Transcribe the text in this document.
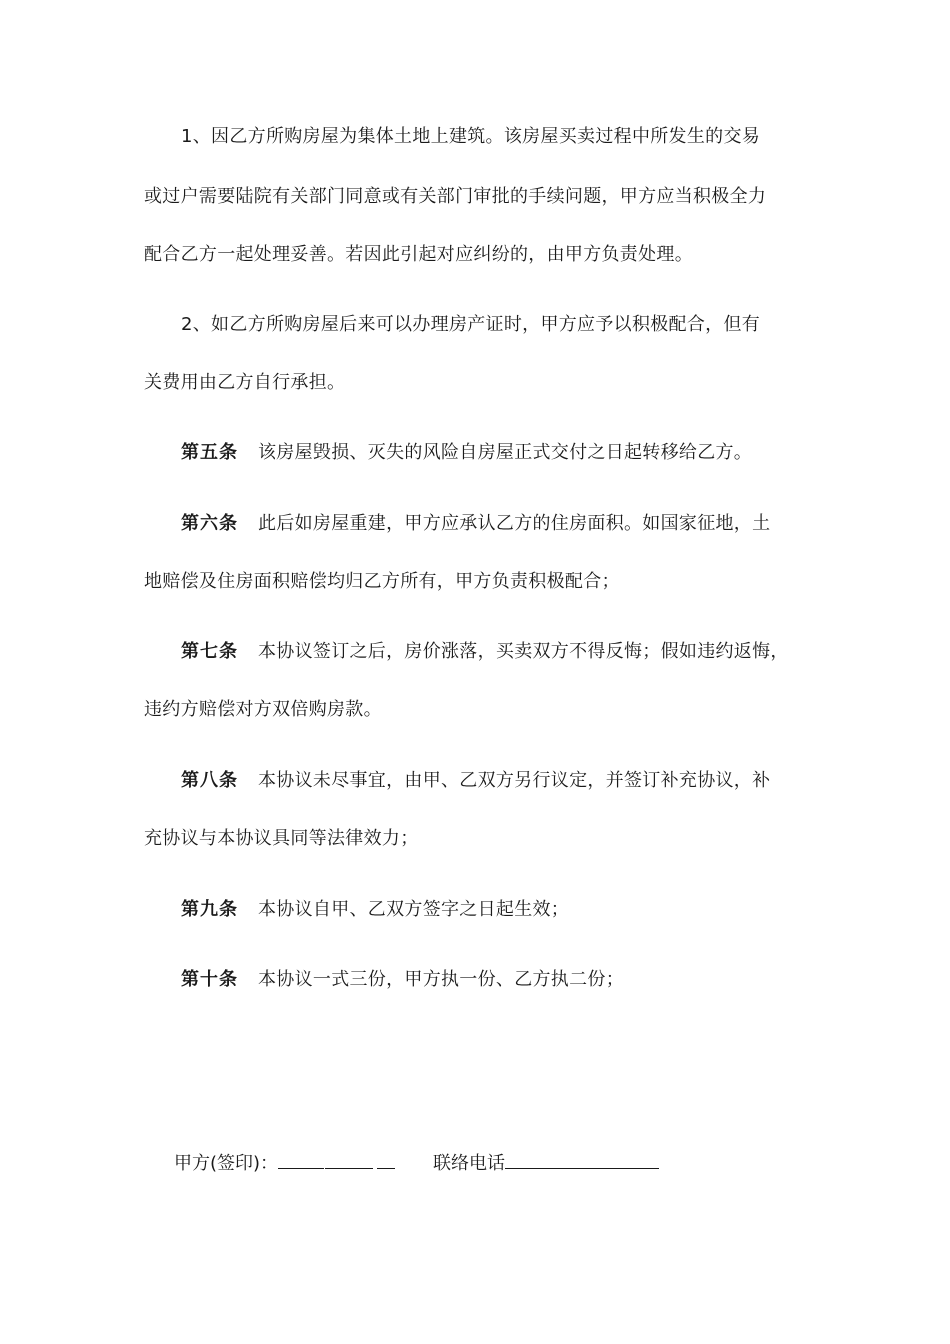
1、因乙方所购房屋为集体土地上建筑。该房屋买卖过程中所发生的交易
或过户需要陆院有关部门同意或有关部门审批的手续问题，甲方应当积极全力
配合乙方一起处理妥善。若因此引起对应纠纷的，由甲方负责处理。
2、如乙方所购房屋后来可以办理房产证时，甲方应予以积极配合，但有
关费用由乙方自行承担。
第五条 该房屋毁损、灭失的风险自房屋正式交付之日起转移给乙方。
第六条 此后如房屋重建，甲方应承认乙方的住房面积。如国家征地，土
地赔偿及住房面积赔偿均归乙方所有，甲方负责积极配合；
第七条 本协议签订之后，房价涨落，买卖双方不得反悔；假如违约返悔，
违约方赔偿对方双倍购房款。
第八条 本协议未尽事宜，由甲、乙双方另行议定，并签订补充协议，补
充协议与本协议具同等法律效力；
第九条 本协议自甲、乙双方签字之日起生效；
第十条 本协议一式三份，甲方执一份、乙方执二份；
甲方(签印)：	联络电话
